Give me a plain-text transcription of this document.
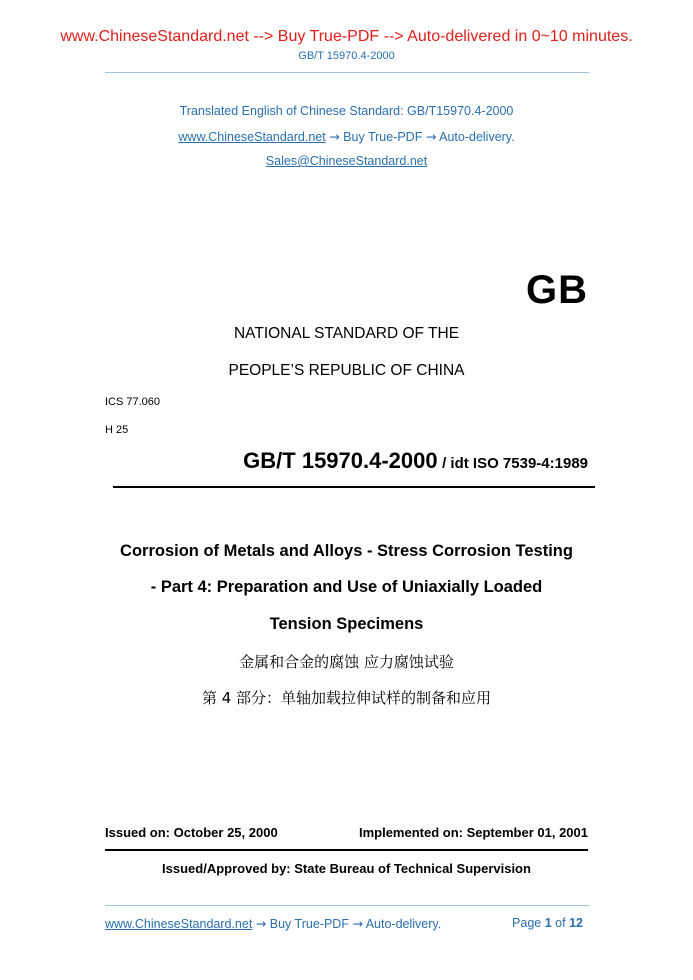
www.ChineseStandard.net --> Buy True-PDF --> Auto-delivered in 0~10 minutes.
GB/T 15970.4-2000
Translated English of Chinese Standard: GB/T15970.4-2000
www.ChineseStandard.net → Buy True-PDF → Auto-delivery.
Sales@ChineseStandard.net
GB
NATIONAL STANDARD OF THE
PEOPLE’S REPUBLIC OF CHINA
ICS 77.060
H 25
GB/T 15970.4-2000 / idt ISO 7539-4:1989
Corrosion of Metals and Alloys - Stress Corrosion Testing
- Part 4: Preparation and Use of Uniaxially Loaded
Tension Specimens
金属和合金的腐蚀 应力腐蚀试验
第 4 部分：单轴加载拉伸试样的制备和应用
Issued on: October 25, 2000	Implemented on: September 01, 2001
Issued/Approved by: State Bureau of Technical Supervision
www.ChineseStandard.net → Buy True-PDF → Auto-delivery.	Page 1 of 12
